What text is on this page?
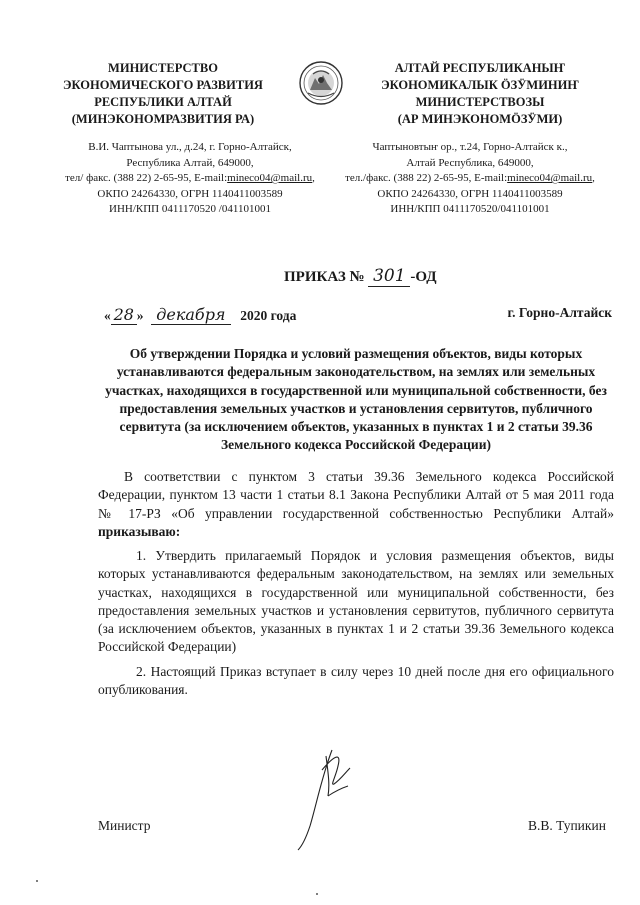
МИНИСТЕРСТВО
ЭКОНОМИЧЕСКОГО РАЗВИТИЯ
РЕСПУБЛИКИ АЛТАЙ
(МИНЭКОНОМРАЗВИТИЯ РА)
АЛТАЙ РЕСПУБЛИКАНЫҤ
ЭКОНОМИКАЛЫК ӦЗӰМИНИҤ
МИНИСТЕРСТВОЗЫ
(АР МИНЭКОНОМӦЗӰМИ)
В.И. Чаптынова ул., д.24, г. Горно-Алтайск,
Республика Алтай, 649000,
тел/ факс. (388 22) 2-65-95, E-mail:mineco04@mail.ru,
ОКПО 24264330, ОГРН 1140411003589
ИНН/КПП 0411170520 /041101001
Чаптыновтыҥ ор., т.24, Горно-Алтайск к.,
Алтай Республика, 649000,
тел./факс. (388 22) 2-65-95, E-mail:mineco04@mail.ru,
ОКПО 24264330, ОГРН 1140411003589
ИНН/КПП 0411170520/041101001
ПРИКАЗ № 301 -ОД
« 28 » декабря 2020 года	г. Горно-Алтайск
Об утверждении Порядка и условий размещения объектов, виды которых устанавливаются федеральным законодательством, на землях или земельных участках, находящихся в государственной или муниципальной собственности, без предоставления земельных участков и установления сервитутов, публичного сервитута (за исключением объектов, указанных в пунктах 1 и 2 статьи 39.36 Земельного кодекса Российской Федерации)
В соответствии с пунктом 3 статьи 39.36 Земельного кодекса Российской Федерации, пунктом 13 части 1 статьи 8.1 Закона Республики Алтай от 5 мая 2011 года № 17-РЗ «Об управлении государственной собственностью Республики Алтай» приказываю:
1. Утвердить прилагаемый Порядок и условия размещения объектов, виды которых устанавливаются федеральным законодательством, на землях или земельных участках, находящихся в государственной или муниципальной собственности, без предоставления земельных участков и установления сервитутов, публичного сервитута (за исключением объектов, указанных в пунктах 1 и 2 статьи 39.36 Земельного кодекса Российской Федерации)
2. Настоящий Приказ вступает в силу через 10 дней после дня его официального опубликования.
Министр	В.В. Тупикин
